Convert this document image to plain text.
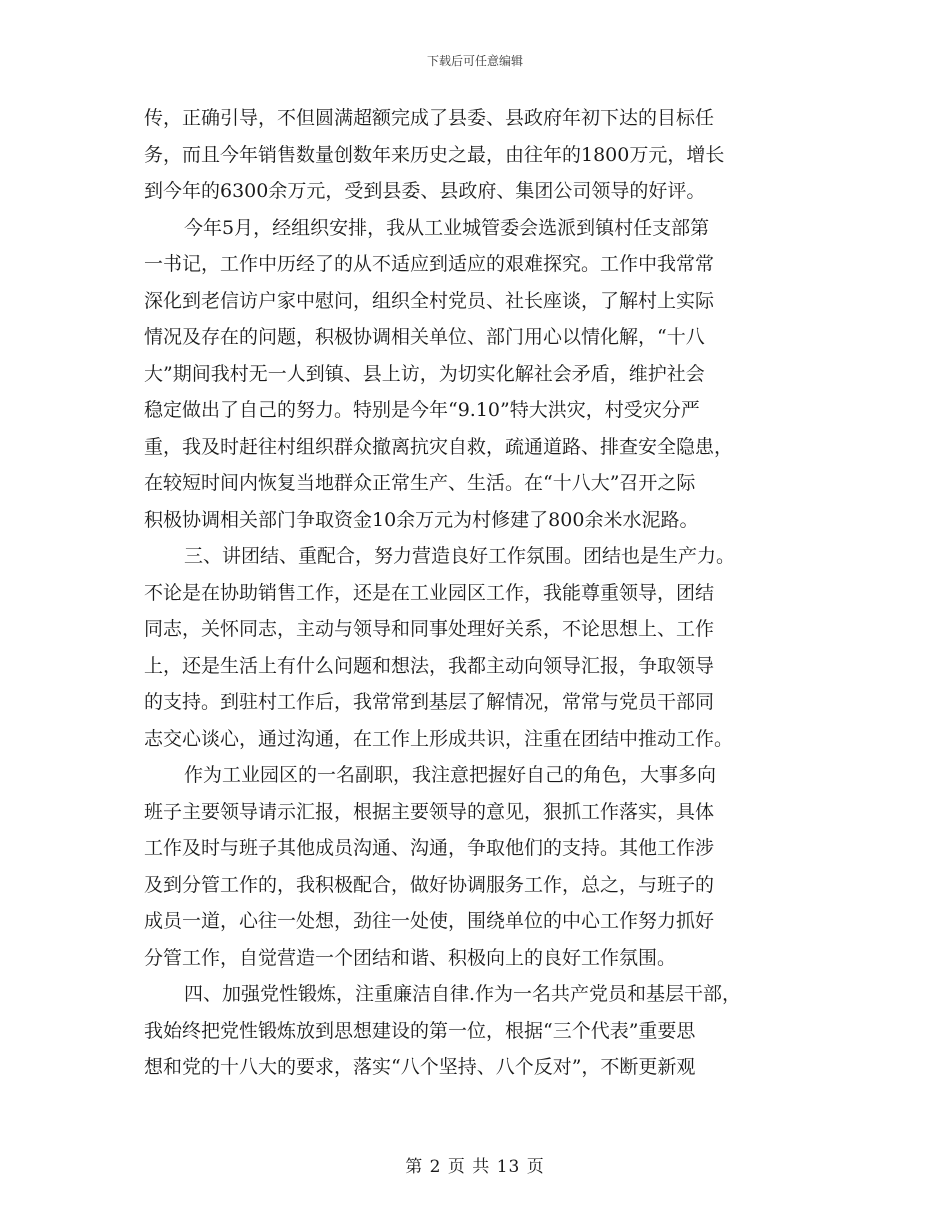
下载后可任意编辑
传，正确引导，不但圆满超额完成了县委、县政府年初下达的目标任
务，而且今年销售数量创数年来历史之最，由往年的1800万元，增长
到今年的6300余万元，受到县委、县政府、集团公司领导的好评。
今年5月，经组织安排，我从工业城管委会选派到镇村任支部第
一书记，工作中历经了的从不适应到适应的艰难探究。工作中我常常
深化到老信访户家中慰问，组织全村党员、社长座谈，了解村上实际
情况及存在的问题，积极协调相关单位、部门用心以情化解，“十八
大”期间我村无一人到镇、县上访，为切实化解社会矛盾，维护社会
稳定做出了自己的努力。特别是今年“9.10”特大洪灾，村受灾分严
重，我及时赶往村组织群众撤离抗灾自救，疏通道路、排查安全隐患，
在较短时间内恢复当地群众正常生产、生活。在“十八大”召开之际
积极协调相关部门争取资金10余万元为村修建了800余米水泥路。
三、讲团结、重配合，努力营造良好工作氛围。团结也是生产力。
不论是在协助销售工作，还是在工业园区工作，我能尊重领导，团结
同志，关怀同志，主动与领导和同事处理好关系，不论思想上、工作
上，还是生活上有什么问题和想法，我都主动向领导汇报，争取领导
的支持。到驻村工作后，我常常到基层了解情况，常常与党员干部同
志交心谈心，通过沟通，在工作上形成共识，注重在团结中推动工作。
作为工业园区的一名副职，我注意把握好自己的角色，大事多向
班子主要领导请示汇报，根据主要领导的意见，狠抓工作落实，具体
工作及时与班子其他成员沟通、沟通，争取他们的支持。其他工作涉
及到分管工作的，我积极配合，做好协调服务工作，总之，与班子的
成员一道，心往一处想，劲往一处使，围绕单位的中心工作努力抓好
分管工作，自觉营造一个团结和谐、积极向上的良好工作氛围。
四、加强党性锻炼，注重廉洁自律.作为一名共产党员和基层干部，
我始终把党性锻炼放到思想建设的第一位，根据“三个代表”重要思
想和党的十八大的要求，落实“八个坚持、八个反对”，不断更新观
第 2 页 共 13 页
